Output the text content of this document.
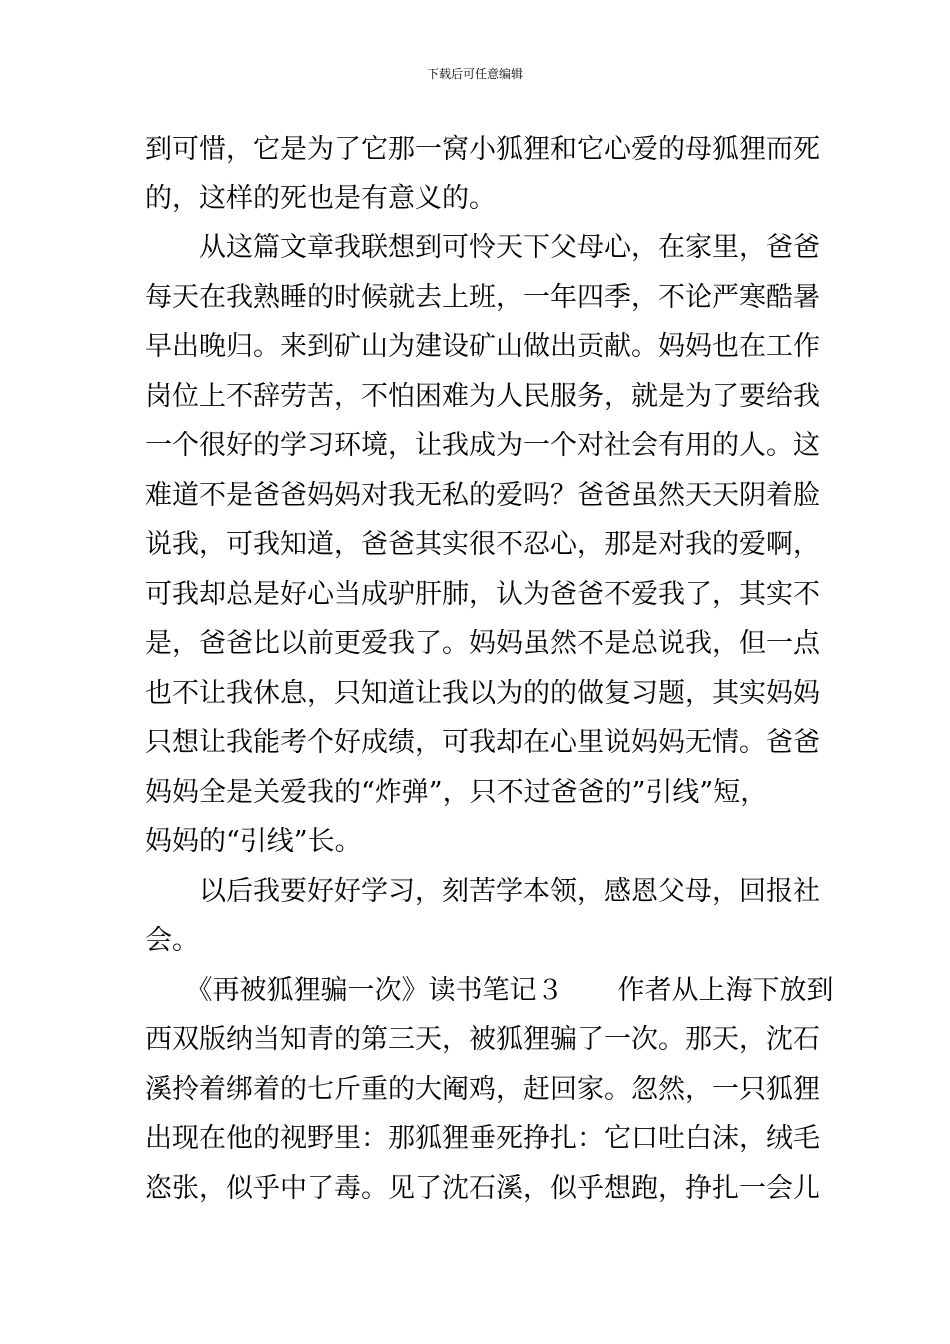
下载后可任意编辑
到可惜，它是为了它那一窝小狐狸和它心爱的母狐狸而死
的，这样的死也是有意义的。
　　从这篇文章我联想到可怜天下父母心，在家里，爸爸
每天在我熟睡的时候就去上班，一年四季，不论严寒酷暑
早出晚归。来到矿山为建设矿山做出贡献。妈妈也在工作
岗位上不辞劳苦，不怕困难为人民服务，就是为了要给我
一个很好的学习环境，让我成为一个对社会有用的人。这
难道不是爸爸妈妈对我无私的爱吗？爸爸虽然天天阴着脸
说我，可我知道，爸爸其实很不忍心，那是对我的爱啊，
可我却总是好心当成驴肝肺，认为爸爸不爱我了，其实不
是，爸爸比以前更爱我了。妈妈虽然不是总说我，但一点
也不让我休息，只知道让我以为的的做复习题，其实妈妈
只想让我能考个好成绩，可我却在心里说妈妈无情。爸爸
妈妈全是关爱我的“炸弹”，只不过爸爸的”引线”短，
妈妈的“引线”长。
　　以后我要好好学习，刻苦学本领，感恩父母，回报社
会。
　　《再被狐狸骗一次》读书笔记３　　作者从上海下放到
西双版纳当知青的第三天，被狐狸骗了一次。那天，沈石
溪拎着绑着的七斤重的大阉鸡，赶回家。忽然，一只狐狸
出现在他的视野里：那狐狸垂死挣扎：它口吐白沫，绒毛
恣张，似乎中了毒。见了沈石溪，似乎想跑，挣扎一会儿
